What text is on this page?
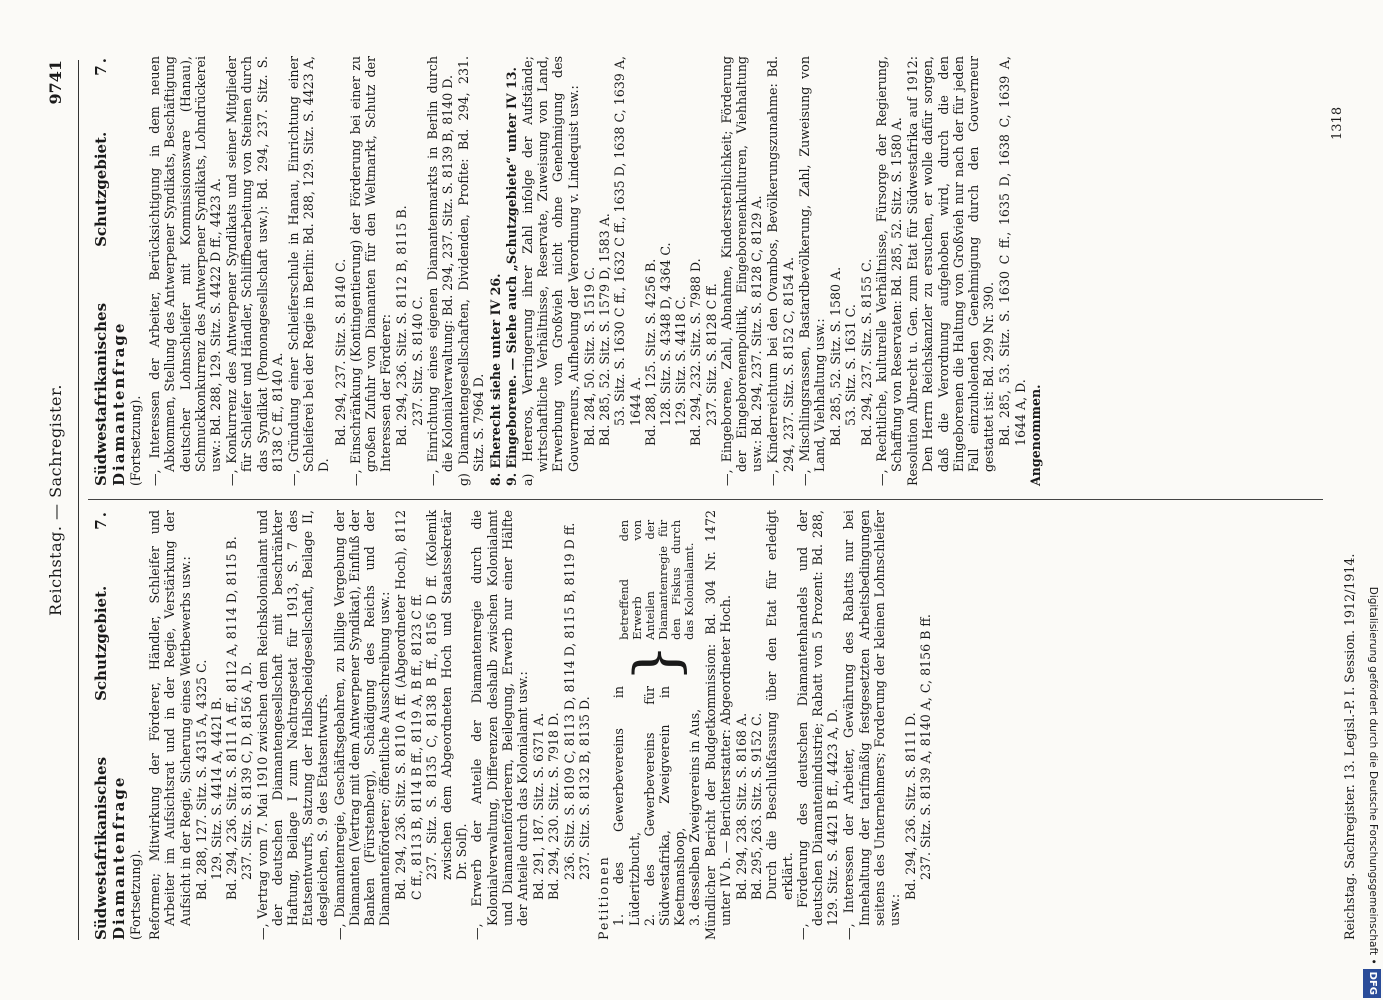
Reichstag. — Sachregister.
9741
Südwestafrikanisches Schutzgebiet. 7. Diamantenfrage (Fortsetzung). Reformen; Mitwirkung der Förderer, Händler, Schleifer und Arbeiter im Aufsichtsrat und in der Regie, Verstärkung der Aufsicht in der Regie, Sicherung eines Wettbewerbs usw.: Bd. 288, 127. Sitz. S. 4315 A, 4325 C. 129. Sitz. S. 4414 A, 4421 B. Bd. 294, 236. Sitz. S. 8111 A ff., 8112 A, 8114 D, 8115 B. 237. Sitz. S. 8139 C, D, 8156 A, D. —, Vertrag vom 7. Mai 1910 zwischen dem Reichskolonialamt und der deutschen Diamantengesellschaft mit beschränkter Haftung, Beilage I zum Nachtragsetat für 1913, S. 7 des Etatsentwurfs, Satzung der Halbscheidgesellschaft, Beilage II, desgleichen, S. 9 des Etatsentwurfs. —, Diamantenregie, Geschäftsgebahren, zu billige Vergebung der Diamanten (Vertrag mit dem Antwerpener Syndikat), Einfluß der Banken (Fürstenberg), Schädigung des Reichs und der Diamantenförderer; öffentliche Ausschreibung usw.: Bd. 294, 236. Sitz. S. 8110 A ff. (Abgeordneter Hoch), 8112 C ff., 8113 B, 8114 B ff., 8119 A, B ff., 8123 C ff. 237. Sitz. S. 8135 C, 8138 B ff., 8156 D ff. (Kolemik zwischen dem Abgeordneten Hoch und Staatssekretär Dr. Solf). —, Erwerb der Anteile der Diamantenregie durch die Kolonialverwaltung, Differenzen deshalb zwischen Kolonialamt und Diamantenförderern, Beilegung, Erwerb nur einer Hälfte der Anteile durch das Kolonialamt usw.: Bd. 291, 187. Sitz. S. 6371 A. Bd. 294, 230. Sitz. S. 7918 D. 236. Sitz. S. 8109 C, 8113 D, 8114 D, 8115 B, 8119 D ff. 237. Sitz. S. 8132 B, 8135 D.
Petitionen 1. des Gewerbevereins in Lüderitzbucht, 2. des Gewerbevereins für Südwestafrika, Zweigverein in Keetmanshoop, 3. desselben Zweigvereins in Aus,
}
betreffend den Erwerb von Anteilen der Diamantenregie für den Fiskus durch das Kolonialamt. Mündlicher Bericht der Budgetkommission: Bd. 304 Nr. 1472 unter IV b. — Berichterstatter: Abgeordneter Hoch. Bd. 294, 238. Sitz. S. 8168 A. Bd. 295, 263. Sitz. S. 9152 C. Durch die Beschlußfassung über den Etat für erledigt erklärt. —, Förderung des deutschen Diamantenhandels und der deutschen Diamantenindustrie; Rabatt von 5 Prozent: Bd. 288, 129. Sitz. S. 4421 B ff., 4423 A, D. —, Interessen der Arbeiter, Gewährung des Rabatts nur bei Innehaltung der tarifmäßig festgesetzten Arbeitsbedingungen seitens des Unternehmers; Forderung der kleinen Lohnschleifer usw.:
Bd. 294, 236. Sitz. S. 8111 D. 237. Sitz. S. 8139 A, 8140 A, C, 8156 B ff.
Südwestafrikanisches Schutzgebiet. 7. Diamantenfrage (Fortsetzung). —, Interessen der Arbeiter, Berücksichtigung in dem neuen Abkommen, Stellung des Antwerpener Syndikats, Beschäftigung deutscher Lohnschleifer mit Kommissionsware (Hanau), Schmuckkonkurrenz des Antwerpener Syndikats, Lohndrückerei usw.: Bd. 288, 129. Sitz. S. 4422 D ff., 4423 A. —, Konkurrenz des Antwerpener Syndikats und seiner Mitglieder für Schleifer und Händler, Schliffbearbeitung von Steinen durch das Syndikat (Pomonagesellschaft usw.): Bd. 294, 237. Sitz. S. 8138 C ff., 8140 A. —, Gründung einer Schleiferschule in Hanau, Einrichtung einer Schleiferei bei der Regie in Berlin: Bd. 288, 129. Sitz. S. 4423 A, D.
Bd. 294, 237. Sitz. S. 8140 C. —, Einschränkung (Kontingentierung) der Förderung bei einer zu großen Zufuhr von Diamanten für den Weltmarkt, Schutz der Interessen der Förderer: Bd. 294, 236. Sitz. S. 8112 B, 8115 B. 237. Sitz. S. 8140 C. —, Einrichtung eines eigenen Diamantenmarkts in Berlin durch die Kolonialverwaltung: Bd. 294, 237. Sitz. S. 8139 B, 8140 D. g) Diamantengesellschaften, Dividenden, Profite: Bd. 294, 231. Sitz. S. 7964 D. 8. Eherecht siehe unter IV 26. 9. Eingeborene. — Siehe auch „Schutzgebiete“ unter IV 13. a) Hereros, Verringerung ihrer Zahl infolge der Aufstände; wirtschaftliche Verhältnisse, Reservate, Zuweisung von Land, Erwerbung von Großvieh nicht ohne Genehmigung des Gouverneurs, Aufhebung der Verordnung v. Lindequist usw.: Bd. 284, 50. Sitz. S. 1519 C. Bd. 285, 52. Sitz. S. 1579 D, 1583 A. 53. Sitz. S. 1630 C ff., 1632 C ff., 1635 D, 1638 C, 1639 A, 1644 A. Bd. 288, 125. Sitz. S. 4256 B. 128. Sitz. S. 4348 D, 4364 C. 129. Sitz. S. 4418 C. Bd. 294, 232. Sitz. S. 7988 D. 237. Sitz. S. 8128 C ff. —, Eingeborene, Zahl, Abnahme, Kindersterblichkeit; Förderung der Eingeborenenpolitik, Eingeborenenkulturen, Viehhaltung usw.: Bd. 294, 237. Sitz. S. 8128 C, 8129 A. —, Kinderreichtum bei den Ovambos, Bevölkerungszunahme: Bd. 294, 237. Sitz. S. 8152 C, 8154 A. —, Mischlingsrassen, Bastardbevölkerung, Zahl, Zuweisung von Land, Viehhaltung usw.: Bd. 285, 52. Sitz. S. 1580 A. 53. Sitz. S. 1631 C. Bd. 294, 237. Sitz. S. 8155 C. —, Rechtliche, kulturelle Verhältnisse, Fürsorge der Regierung, Schaffung von Reservaten: Bd. 285, 52. Sitz. S. 1580 A. Resolution Albrecht u. Gen. zum Etat für Südwestafrika auf 1912: Den Herrn Reichskanzler zu ersuchen, er wolle dafür sorgen, daß die Verordnung aufgehoben wird, durch die den Eingeborenen die Haltung von Großvieh nur nach der für jeden Fall einzuholenden Genehmigung durch den Gouverneur gestattet ist: Bd. 299 Nr. 390. Bd. 285, 53. Sitz. S. 1630 C ff., 1635 D, 1638 C, 1639 A, 1644 A, D. Angenommen.
Reichstag. Sachregister. 13. Legisl.-P. I. Session. 1912/1914.
1318
Digitalisierung gefördert durch die Deutsche Forschungsgemeinschaft •DFG
